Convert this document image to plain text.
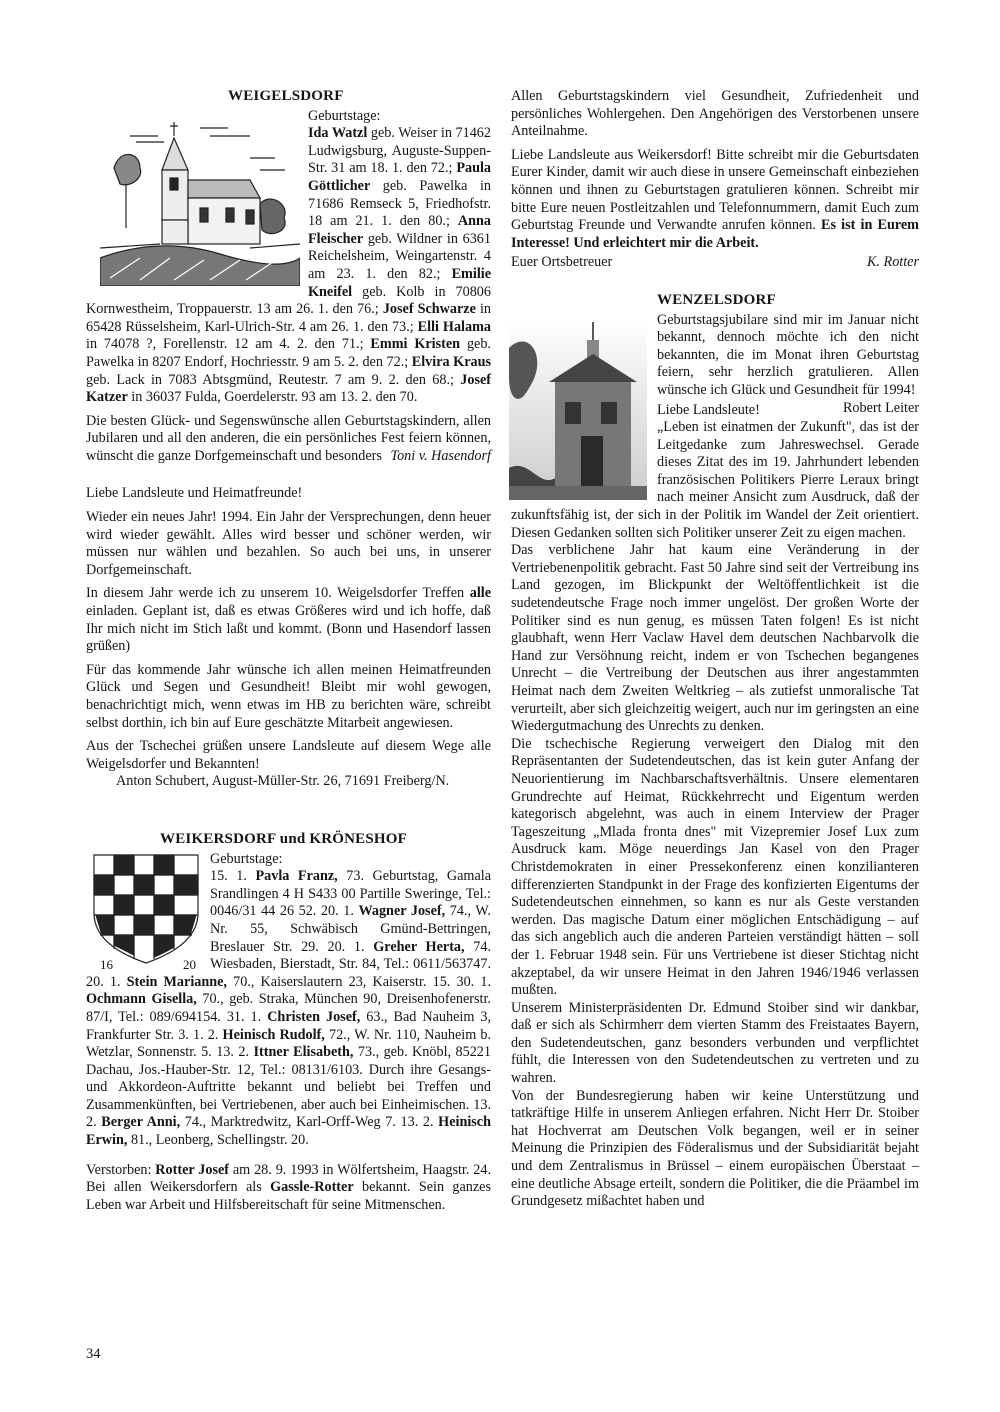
WEIGELSDORF

Geburtstage:

Ida Watzl geb. Weiser in 71462 Ludwigsburg, Auguste-Suppen-Str. 31 am 18. 1. den 72.; Paula Göttlicher geb. Pawelka in 71686 Remseck 5, Friedhofstr. 18 am 21. 1. den 80.; Anna Fleischer geb. Wildner in 6361 Reichelsheim, Weingartenstr. 4 am 23. 1. den 82.; Emilie Kneifel geb. Kolb in 70806 Kornwestheim, Troppauerstr. 13 am 26. 1. den 76.; Josef Schwarze in 65428 Rüsselsheim, Karl-Ulrich-Str. 4 am 26. 1. den 73.; Elli Halama in 74078 ?, Forellenstr. 12 am 4. 2. den 71.; Emmi Kristen geb. Pawelka in 8207 Endorf, Hochriesstr. 9 am 5. 2. den 72.; Elvira Kraus geb. Lack in 7083 Abtsgmünd, Reutestr. 7 am 9. 2. den 68.; Josef Katzer in 36037 Fulda, Goerdelerstr. 93 am 13. 2. den 70.

Die besten Glück- und Segenswünsche allen Geburtstagskindern, allen Jubilaren und all den anderen, die ein persönliches Fest feiern können, wünscht die ganze Dorfgemeinschaft und besonders Toni v. Hasendorf

Liebe Landsleute und Heimatfreunde!

Wieder ein neues Jahr! 1994. Ein Jahr der Versprechungen, denn heuer wird wieder gewählt. Alles wird besser und schöner werden, wir müssen nur wählen und bezahlen. So auch bei uns, in unserer Dorfgemeinschaft.

In diesem Jahr werde ich zu unserem 10. Weigelsdorfer Treffen alle einladen. Geplant ist, daß es etwas Größeres wird und ich hoffe, daß Ihr mich nicht im Stich laßt und kommt. (Bonn und Hasendorf lassen grüßen)

Für das kommende Jahr wünsche ich allen meinen Heimatfreunden Glück und Segen und Gesundheit! Bleibt mir wohl gewogen, benachrichtigt mich, wenn etwas im HB zu berichten wäre, schreibt selbst dorthin, ich bin auf Eure geschätzte Mitarbeit angewiesen.

Aus der Tschechei grüßen unsere Landsleute auf diesem Wege alle Weigelsdorfer und Bekannten!

Anton Schubert, August-Müller-Str. 26, 71691 Freiberg/N.

WEIKERSDORF und KRÖNESHOF
16	20

Geburtstage:

15. 1. Pavla Franz, 73. Geburtstag, Gamala Srandlingen 4 H S433 00 Partille Sweringe, Tel.: 0046/31 44 26 52. 20. 1. Wagner Josef, 74., W. Nr. 55, Schwäbisch Gmünd-Bettringen, Breslauer Str. 29. 20. 1. Greher Herta, 74. Wiesbaden, Bierstadt, Str. 84, Tel.: 0611/563747. 20. 1. Stein Marianne, 70., Kaiserslautern 23, Kaiserstr. 15. 30. 1. Ochmann Gisella, 70., geb. Straka, München 90, Dreisenhofenerstr. 87/I, Tel.: 089/694154. 31. 1. Christen Josef, 63., Bad Nauheim 3, Frankfurter Str. 3. 1. 2. Heinisch Rudolf, 72., W. Nr. 110, Nauheim b. Wetzlar, Sonnenstr. 5. 13. 2. Ittner Elisabeth, 73., geb. Knöbl, 85221 Dachau, Jos.-Hauber-Str. 12, Tel.: 08131/6103. Durch ihre Gesangs- und Akkordeon-Auftritte bekannt und beliebt bei Treffen und Zusammenkünften, bei Vertriebenen, aber auch bei Einheimischen. 13. 2. Berger Anni, 74., Marktredwitz, Karl-Orff-Weg 7. 13. 2. Heinisch Erwin, 81., Leonberg, Schellingstr. 20.

Verstorben: Rotter Josef am 28. 9. 1993 in Wölfertsheim, Haagstr. 24. Bei allen Weikersdorfern als Gassle-Rotter bekannt. Sein ganzes Leben war Arbeit und Hilfsbereitschaft für seine Mitmenschen.

Allen Geburtstagskindern viel Gesundheit, Zufriedenheit und persönliches Wohlergehen. Den Angehörigen des Verstorbenen unsere Anteilnahme.

Liebe Landsleute aus Weikersdorf! Bitte schreibt mir die Geburtsdaten Eurer Kinder, damit wir auch diese in unsere Gemeinschaft einbeziehen können und ihnen zu Geburtstagen gratulieren können. Schreibt mir bitte Eure neuen Postleitzahlen und Telefonnummern, damit Euch zum Geburtstag Freunde und Verwandte anrufen können. Es ist in Eurem Interesse! Und erleichtert mir die Arbeit.

Euer Ortsbetreuer	K. Rotter
WENZELSDORF

Geburtstagsjubilare sind mir im Januar nicht bekannt, dennoch möchte ich den nicht bekannten, die im Monat ihren Geburtstag feiern, sehr herzlich gratulieren. Allen wünsche ich Glück und Gesundheit für 1994!
Robert Leiter

Liebe Landsleute!

„Leben ist einatmen der Zukunft", das ist der Leitgedanke zum Jahreswechsel. Gerade dieses Zitat des im 19. Jahrhundert lebenden französischen Politikers Pierre Leraux bringt nach meiner Ansicht zum Ausdruck, daß der zukunftsfähig ist, der sich in der Politik im Wandel der Zeit orientiert. Diesen Gedanken sollten sich Politiker unserer Zeit zu eigen machen.

Das verblichene Jahr hat kaum eine Veränderung in der Vertriebenenpolitik gebracht. Fast 50 Jahre sind seit der Vertreibung ins Land gezogen, im Blickpunkt der Weltöffentlichkeit ist die sudetendeutsche Frage noch immer ungelöst. Der großen Worte der Politiker sind es nun genug, es müssen Taten folgen! Es ist nicht glaubhaft, wenn Herr Vaclaw Havel dem deutschen Nachbarvolk die Hand zur Versöhnung reicht, indem er von Tschechen begangenes Unrecht – die Vertreibung der Deutschen aus ihrer angestammten Heimat nach dem Zweiten Weltkrieg – als zutiefst unmoralische Tat verurteilt, aber sich gleichzeitig weigert, auch nur im geringsten an eine Wiedergutmachung des Unrechts zu denken.

Die tschechische Regierung verweigert den Dialog mit den Repräsentanten der Sudetendeutschen, das ist kein guter Anfang der Neuorientierung im Nachbarschaftsverhältnis. Unsere elementaren Grundrechte auf Heimat, Rückkehrrecht und Eigentum werden kategorisch abgelehnt, was auch in einem Interview der Prager Tageszeitung „Mlada fronta dnes" mit Vizepremier Josef Lux zum Ausdruck kam. Möge neuerdings Jan Kasel von den Prager Christdemokraten in einer Pressekonferenz einen konzilianteren differenzierten Standpunkt in der Frage des konfizierten Eigentums der Sudetendeutschen einnehmen, so kann es nur als Geste verstanden werden. Das magische Datum einer möglichen Entschädigung – auf das sich angeblich auch die anderen Parteien verständigt hätten – soll der 1. Februar 1948 sein. Für uns Vertriebene ist dieser Stichtag nicht akzeptabel, da wir unsere Heimat in den Jahren 1946/1946 verlassen mußten.

Unserem Ministerpräsidenten Dr. Edmund Stoiber sind wir dankbar, daß er sich als Schirmherr dem vierten Stamm des Freistaates Bayern, den Sudetendeutschen, ganz besonders verbunden und verpflichtet fühlt, die Interessen von den Sudetendeutschen zu vertreten und zu wahren.

Von der Bundesregierung haben wir keine Unterstützung und tatkräftige Hilfe in unserem Anliegen erfahren. Nicht Herr Dr. Stoiber hat Hochverrat am Deutschen Volk begangen, weil er in seiner Meinung die Prinzipien des Föderalismus und der Subsidiarität bejaht und dem Zentralismus in Brüssel – einem europäischen Überstaat – eine deutliche Absage erteilt, sondern die Politiker, die die Präambel im Grundgesetz mißachtet haben und

34
